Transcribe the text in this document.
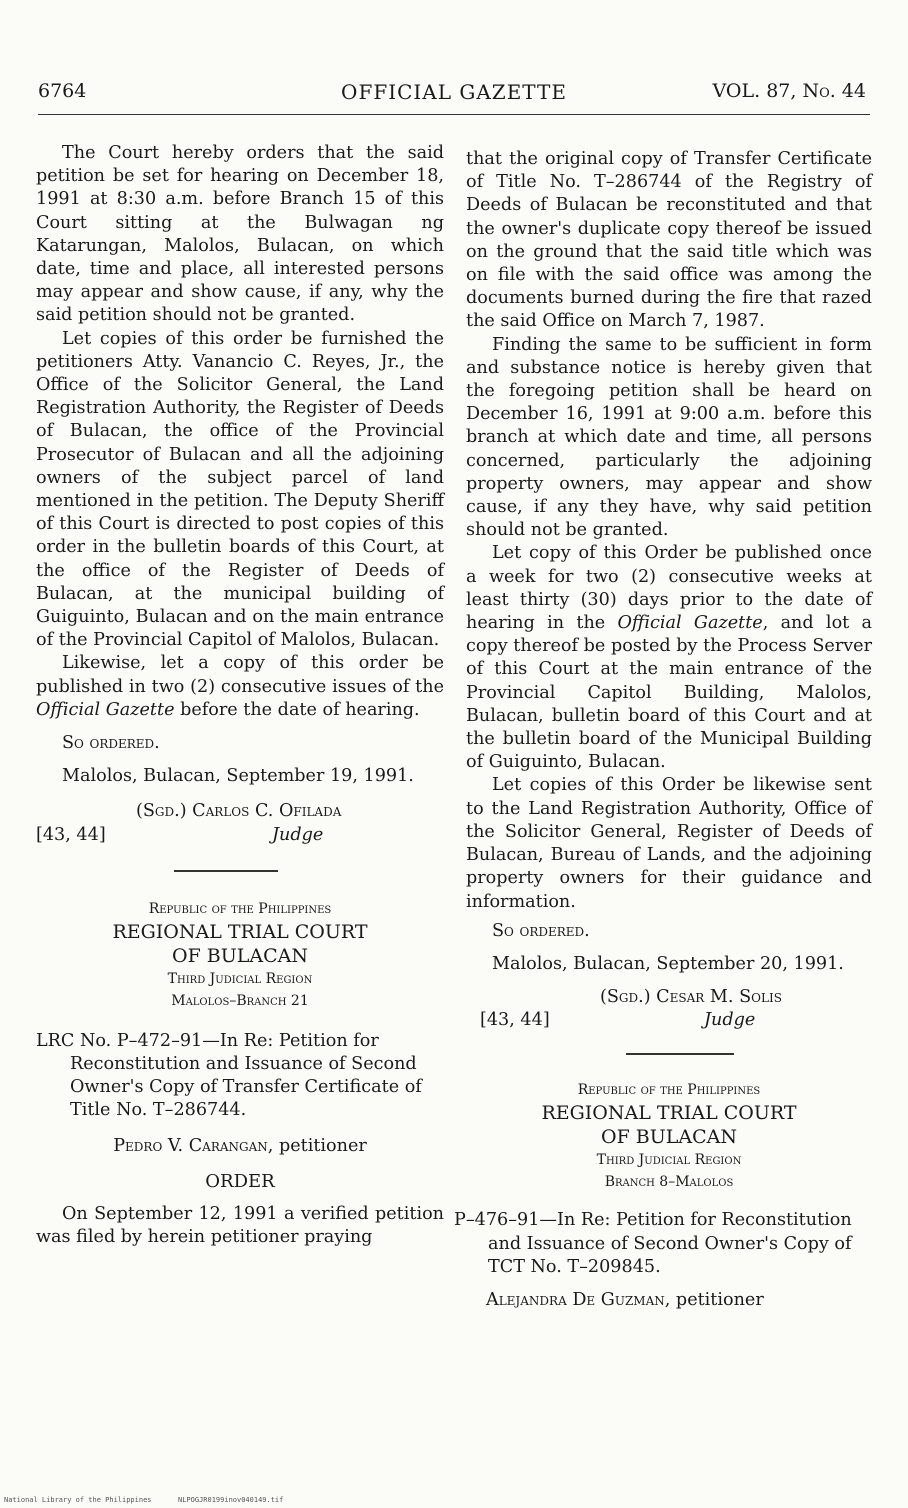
6764	OFFICIAL GAZETTE	VOL. 87, No. 44

The Court hereby orders that the said petition be set for hearing on December 18, 1991 at 8:30 a.m. before Branch 15 of this Court sitting at the Bulwagan ng Katarungan, Malolos, Bulacan, on which date, time and place, all interested persons may appear and show cause, if any, why the said petition should not be granted.

Let copies of this order be furnished the petitioners Atty. Vanancio C. Reyes, Jr., the Office of the Solicitor General, the Land Registration Authority, the Register of Deeds of Bulacan, the office of the Provincial Prosecutor of Bulacan and all the adjoining owners of the subject parcel of land mentioned in the petition. The Deputy Sheriff of this Court is directed to post copies of this order in the bulletin boards of this Court, at the office of the Register of Deeds of Bulacan, at the municipal building of Guiguinto, Bulacan and on the main entrance of the Provincial Capitol of Malolos, Bulacan.

Likewise, let a copy of this order be published in two (2) consecutive issues of the Official Gazette before the date of hearing.

So ordered.

Malolos, Bulacan, September 19, 1991.

(Sgd.) Carlos C. Ofilada

[43, 44]	Judge
Republic of the Philippines
REGIONAL TRIAL COURT
OF BULACAN
Third Judicial Region
Malolos–Branch 21

LRC No. P–472–91—In Re: Petition for Reconstitution and Issuance of Second Owner's Copy of Transfer Certificate of Title No. T–286744.

Pedro V. Carangan, petitioner

ORDER

On September 12, 1991 a verified petition was filed by herein petitioner praying

that the original copy of Transfer Certificate of Title No. T–286744 of the Registry of Deeds of Bulacan be reconstituted and that the owner's duplicate copy thereof be issued on the ground that the said title which was on file with the said office was among the documents burned during the fire that razed the said Office on March 7, 1987.

Finding the same to be sufficient in form and substance notice is hereby given that the foregoing petition shall be heard on December 16, 1991 at 9:00 a.m. before this branch at which date and time, all persons concerned, particularly the adjoining property owners, may appear and show cause, if any they have, why said petition should not be granted.

Let copy of this Order be published once a week for two (2) consecutive weeks at least thirty (30) days prior to the date of hearing in the Official Gazette, and lot a copy thereof be posted by the Process Server of this Court at the main entrance of the Provincial Capitol Building, Malolos, Bulacan, bulletin board of this Court and at the bulletin board of the Municipal Building of Guiguinto, Bulacan.

Let copies of this Order be likewise sent to the Land Registration Authority, Office of the Solicitor General, Register of Deeds of Bulacan, Bureau of Lands, and the adjoining property owners for their guidance and information.

So ordered.

Malolos, Bulacan, September 20, 1991.

(Sgd.) Cesar M. Solis

[43, 44]	Judge
Republic of the Philippines
REGIONAL TRIAL COURT
OF BULACAN
Third Judicial Region
Branch 8–Malolos

P–476–91—In Re: Petition for Reconstitution and Issuance of Second Owner's Copy of TCT No. T–209845.

Alejandra De Guzman, petitioner

National Library of the Philippines	NLPOGJR0199inov040149.tif
